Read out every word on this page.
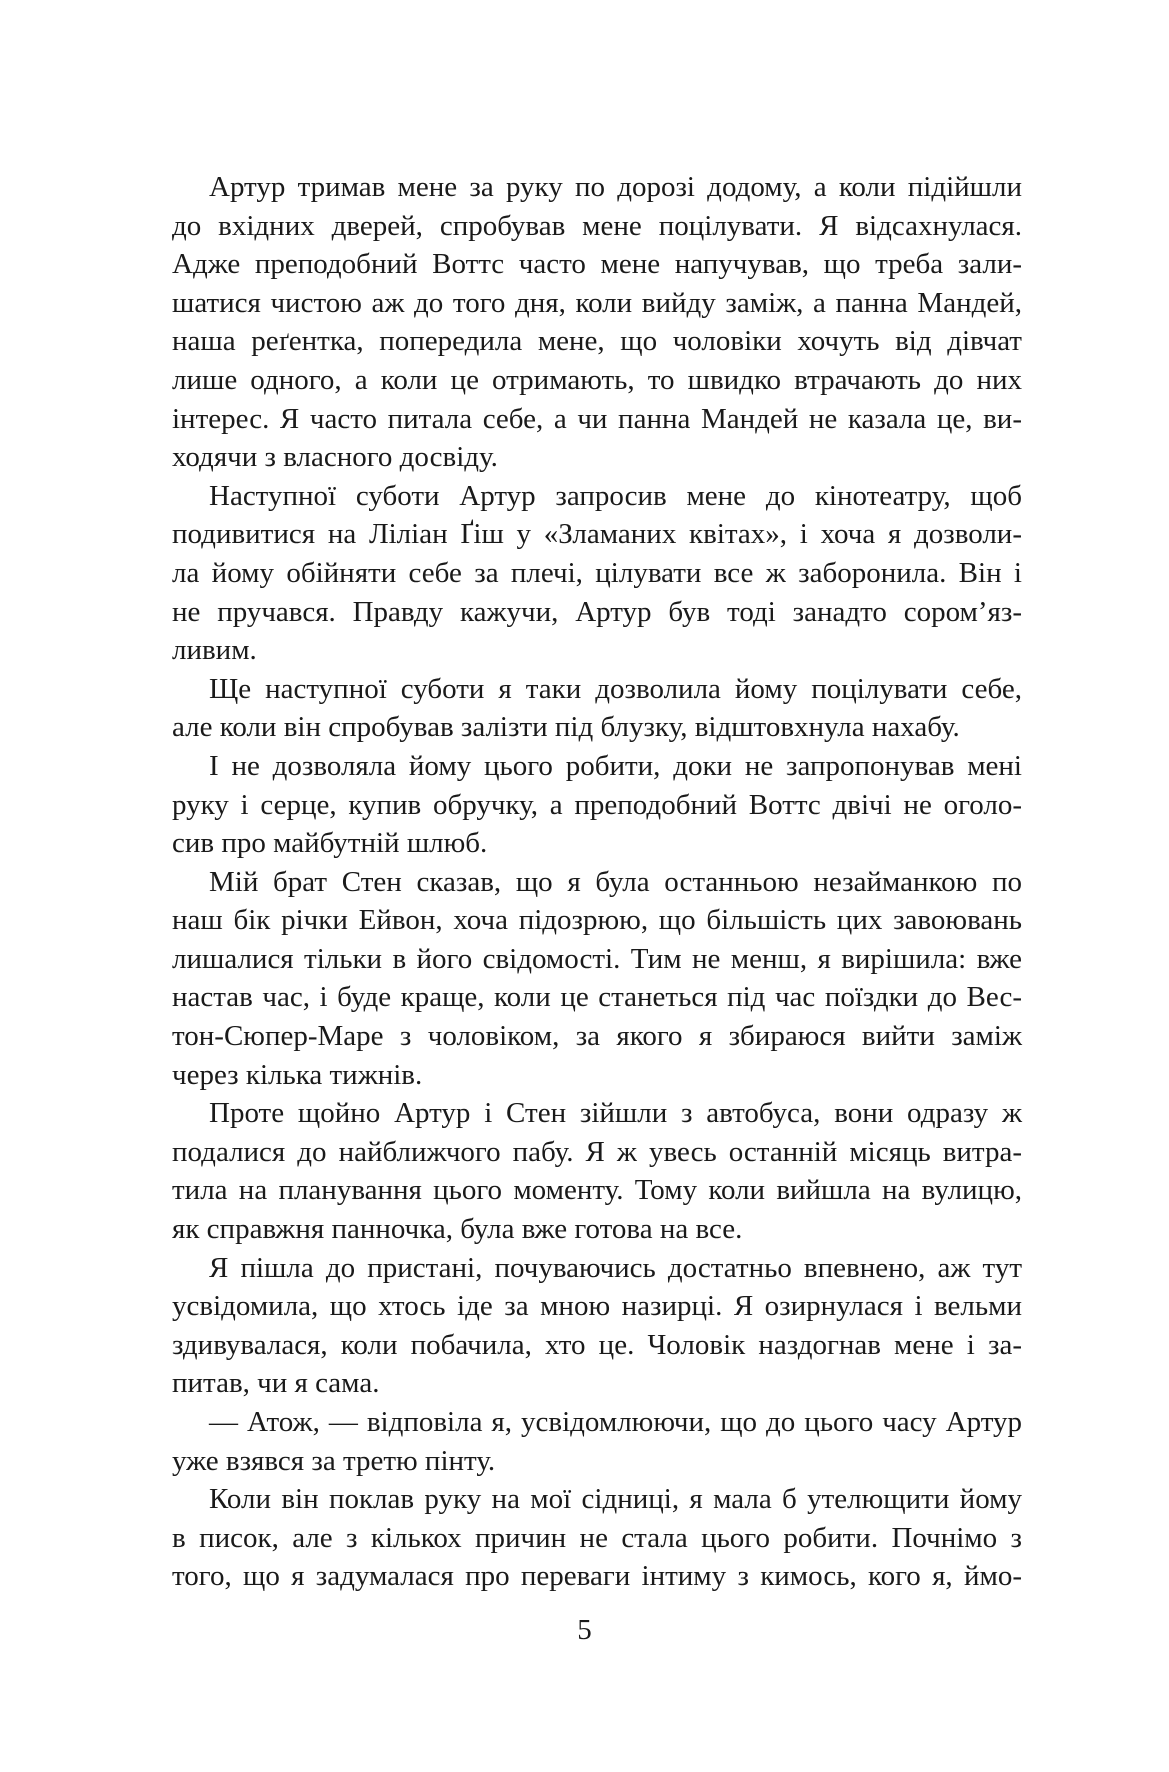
Артур тримав мене за руку по дорозі додому, а коли підійшли
до вхідних дверей, спробував мене поцілувати. Я відсахнулася.
Адже преподобний Воттс часто мене напучував, що треба зали-
шатися чистою аж до того дня, коли вийду заміж, а панна Мандей,
наша реґентка, попередила мене, що чоловіки хочуть від дівчат
лише одного, а коли це отримають, то швидко втрачають до них
інтерес. Я часто питала себе, а чи панна Мандей не казала це, ви-
ходячи з власного досвіду.
Наступної суботи Артур запросив мене до кінотеатру, щоб
подивитися на Ліліан Ґіш у «Зламаних квітах», і хоча я дозволи-
ла йому обійняти себе за плечі, цілувати все ж заборонила. Він і
не пручався. Правду кажучи, Артур був тоді занадто сором’яз-
ливим.
Ще наступної суботи я таки дозволила йому поцілувати себе,
але коли він спробував залізти під блузку, відштовхнула нахабу.
І не дозволяла йому цього робити, доки не запропонував мені
руку і серце, купив обручку, а преподобний Воттс двічі не оголо-
сив про майбутній шлюб.
Мій брат Стен сказав, що я була останньою незайманкою по
наш бік річки Ейвон, хоча підозрюю, що більшість цих завоювань
лишалися тільки в його свідомості. Тим не менш, я вирішила: вже
настав час, і буде краще, коли це станеться під час поїздки до Вес-
тон-Сюпер-Маре з чоловіком, за якого я збираюся вийти заміж
через кілька тижнів.
Проте щойно Артур і Стен зійшли з автобуса, вони одразу ж
подалися до найближчого пабу. Я ж увесь останній місяць витра-
тила на планування цього моменту. Тому коли вийшла на вулицю,
як справжня панночка, була вже готова на все.
Я пішла до пристані, почуваючись достатньо впевнено, аж тут
усвідомила, що хтось іде за мною назирці. Я озирнулася і вельми
здивувалася, коли побачила, хто це. Чоловік наздогнав мене і за-
питав, чи я сама.
— Атож, — відповіла я, усвідомлюючи, що до цього часу Артур
уже взявся за третю пінту.
Коли він поклав руку на мої сідниці, я мала б утелющити йому
в писок, але з кількох причин не стала цього робити. Почнімо з
того, що я задумалася про переваги інтиму з кимось, кого я, ймо-
5
